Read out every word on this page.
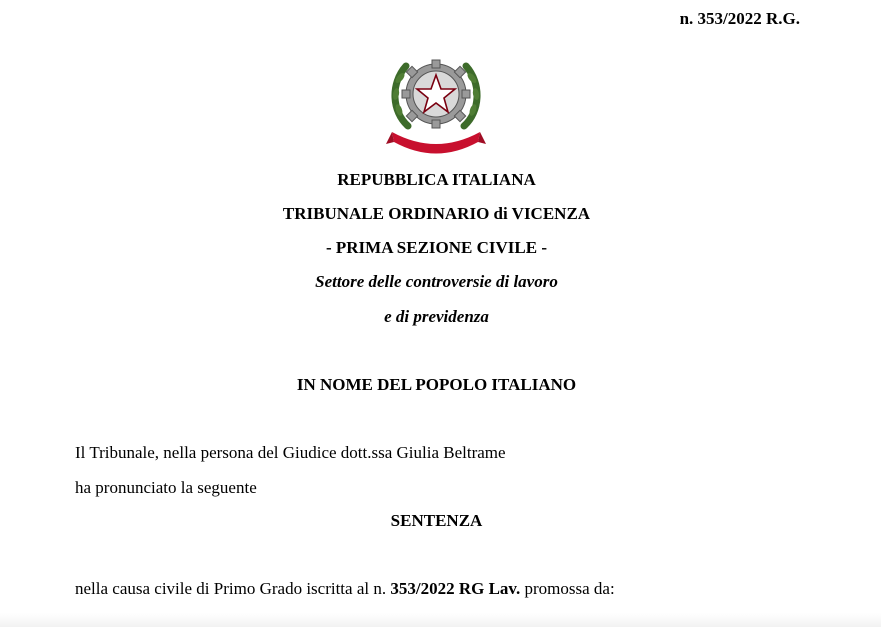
n. 353/2022 R.G.
REPUBBLICA ITALIANA
TRIBUNALE ORDINARIO di VICENZA
- PRIMA SEZIONE CIVILE -
Settore delle controversie di lavoro
e di previdenza
IN NOME DEL POPOLO ITALIANO
Il Tribunale, nella persona del Giudice dott.ssa Giulia Beltrame
ha pronunciato la seguente
SENTENZA
nella causa civile di Primo Grado iscritta al n. 353/2022 RG Lav. promossa da:
